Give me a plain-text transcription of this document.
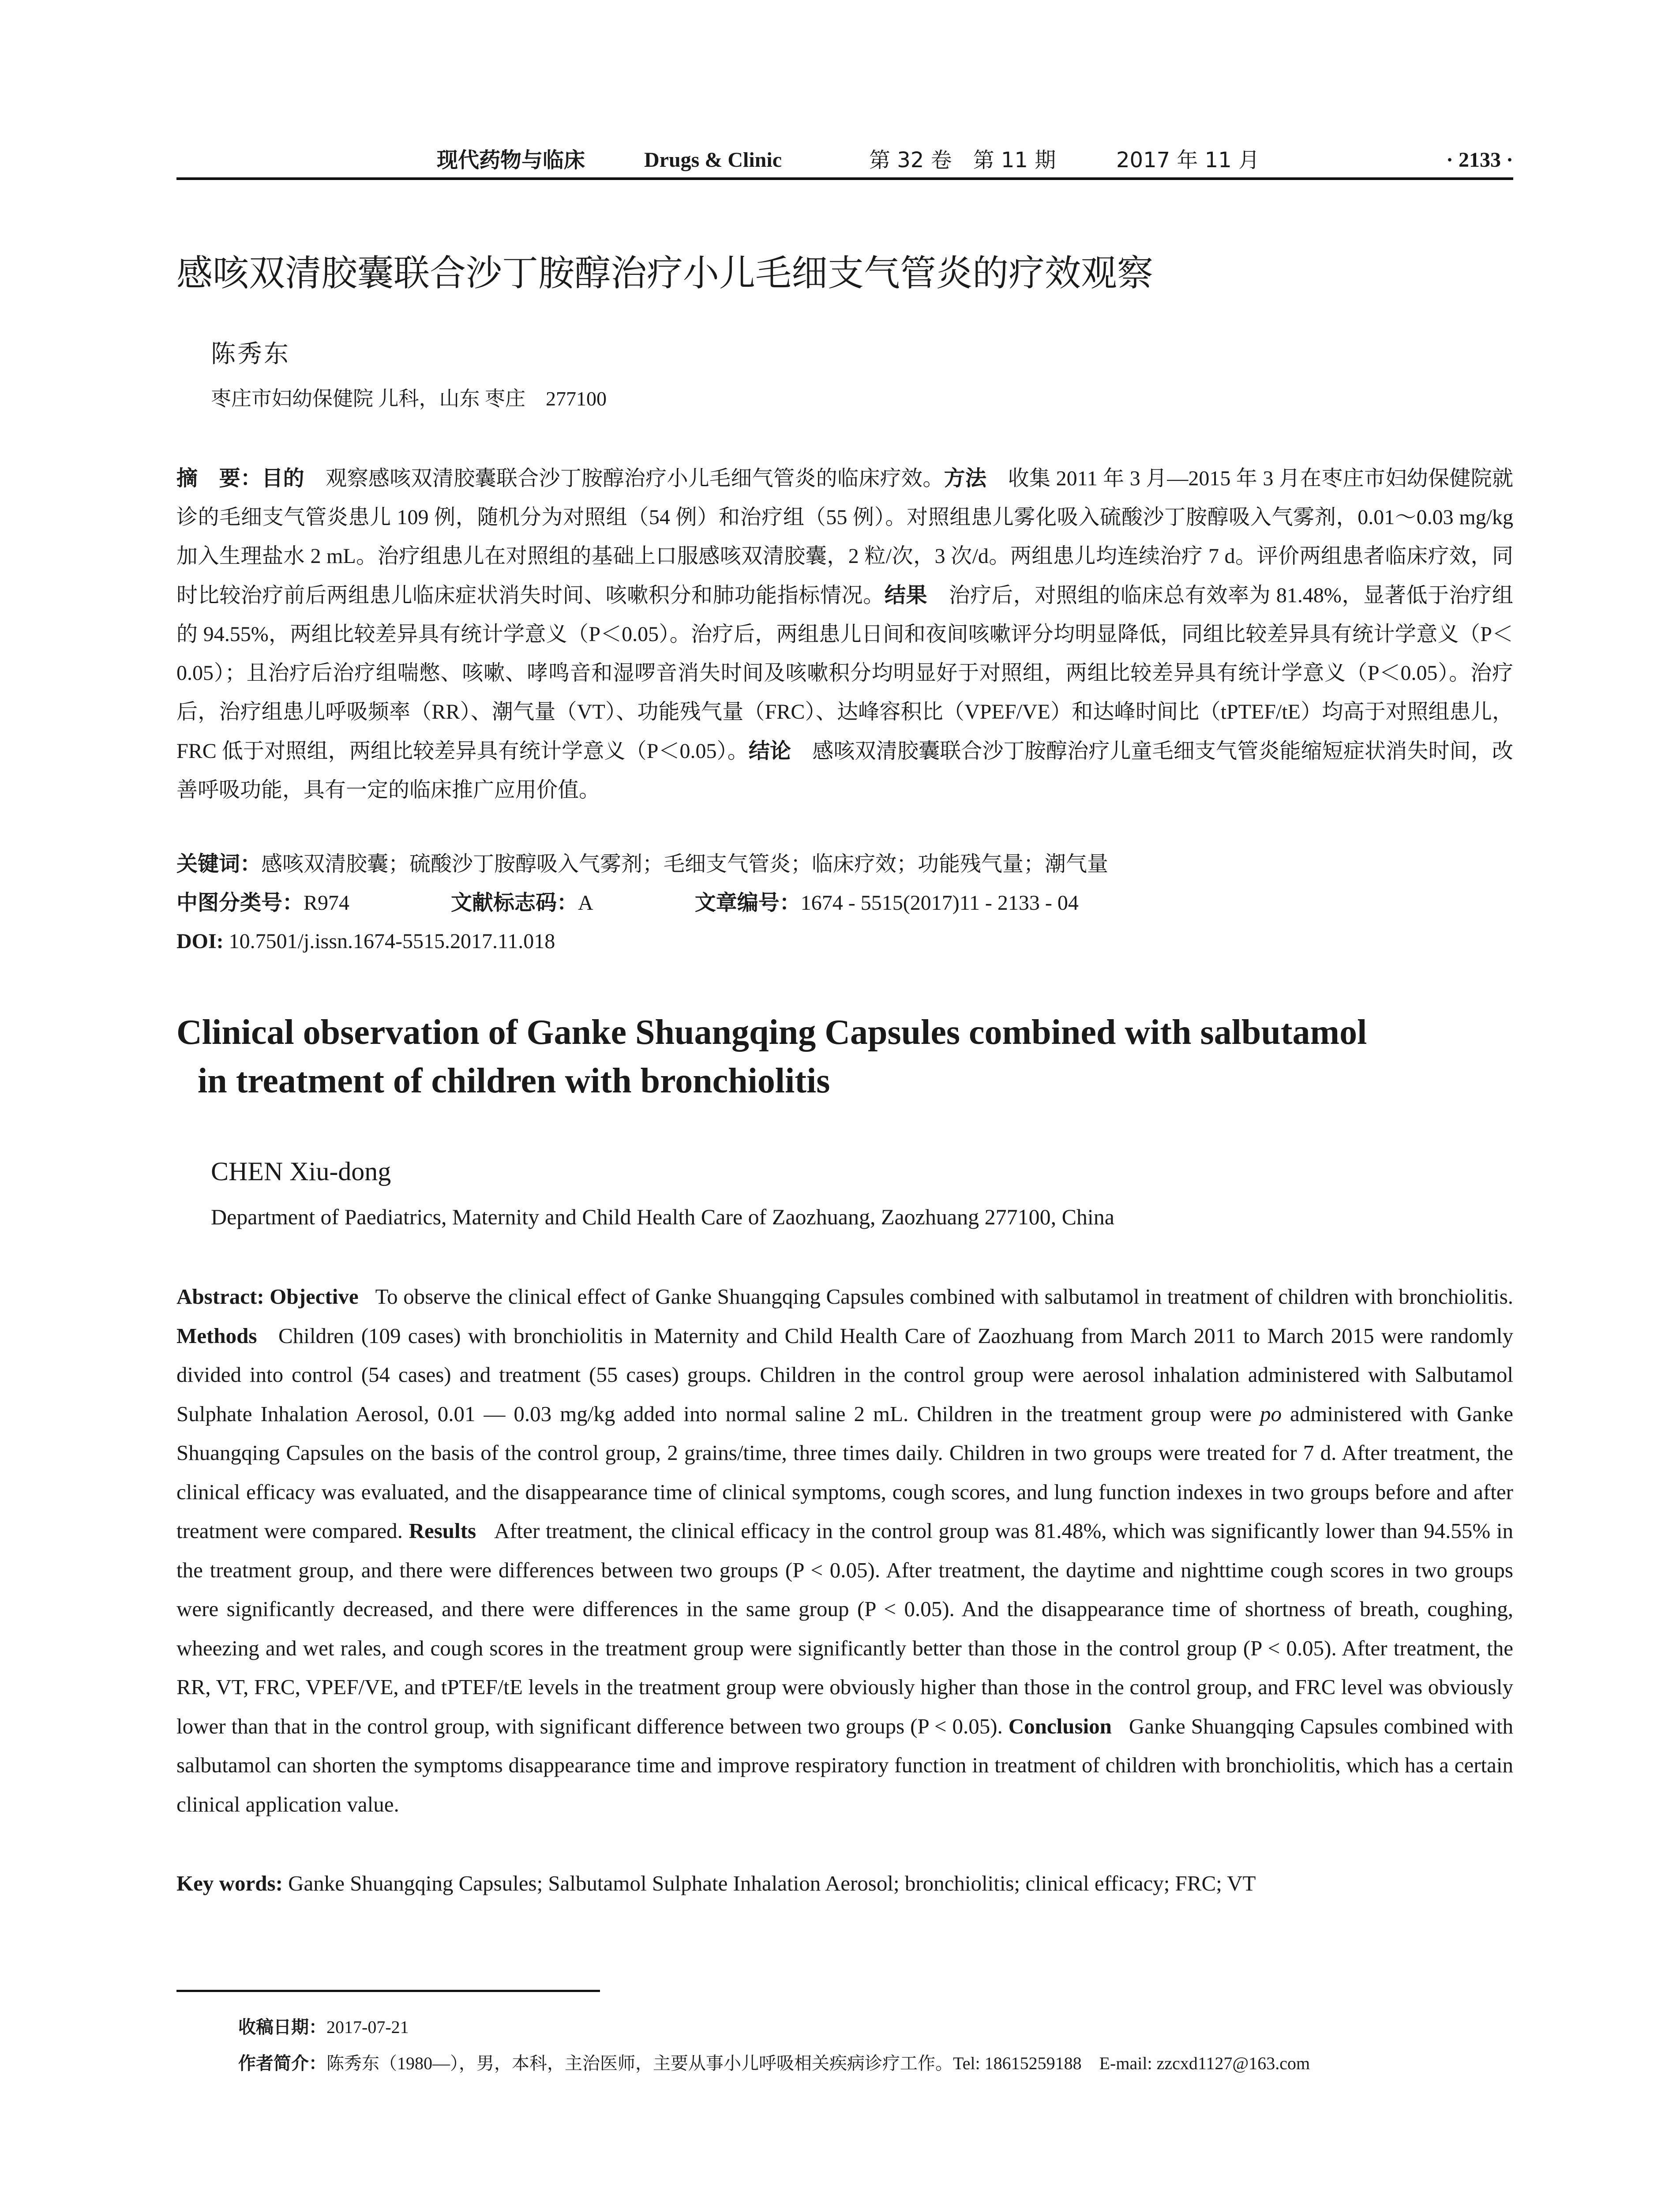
现代药物与临床	Drugs & Clinic	第 32 卷　第 11 期	2017 年 11 月	· 2133 ·
感咳双清胶囊联合沙丁胺醇治疗小儿毛细支气管炎的疗效观察
陈秀东
枣庄市妇幼保健院 儿科，山东 枣庄　277100
摘　要：目的　 观察感咳双清胶囊联合沙丁胺醇治疗小儿毛细气管炎的临床疗效。方法　 收集 2011 年 3 月—2015 年 3 月在枣庄市妇幼保健院就诊的毛细支气管炎患儿 109 例，随机分为对照组（54 例）和治疗组（55 例）。对照组患儿雾化吸入硫酸沙丁胺醇吸入气雾剂，0.01～0.03 mg/kg 加入生理盐水 2 mL。治疗组患儿在对照组的基础上口服感咳双清胶囊，2 粒/次，3 次/d。两组患儿均连续治疗 7 d。评价两组患者临床疗效，同时比较治疗前后两组患儿临床症状消失时间、咳嗽积分和肺功能指标情况。结果　 治疗后，对照组的临床总有效率为 81.48%，显著低于治疗组的 94.55%，两组比较差异具有统计学意义（P＜0.05）。治疗后，两组患儿日间和夜间咳嗽评分均明显降低，同组比较差异具有统计学意义（P＜0.05）；且治疗后治疗组喘憋、咳嗽、哮鸣音和湿啰音消失时间及咳嗽积分均明显好于对照组，两组比较差异具有统计学意义（P＜0.05）。治疗后，治疗组患儿呼吸频率（RR）、潮气量（VT）、功能残气量（FRC）、达峰容积比（VPEF/VE）和达峰时间比（tPTEF/tE）均高于对照组患儿，FRC 低于对照组，两组比较差异具有统计学意义（P＜0.05）。结论　 感咳双清胶囊联合沙丁胺醇治疗儿童毛细支气管炎能缩短症状消失时间，改善呼吸功能，具有一定的临床推广应用价值。
关键词：感咳双清胶囊；硫酸沙丁胺醇吸入气雾剂；毛细支气管炎；临床疗效；功能残气量；潮气量
中图分类号：R974	文献标志码：A	文章编号：1674 - 5515(2017)11 - 2133 - 04
DOI: 10.7501/j.issn.1674-5515.2017.11.018
Clinical observation of Ganke Shuangqing Capsules combined with salbutamol
in treatment of children with bronchiolitis
CHEN Xiu-dong
Department of Paediatrics, Maternity and Child Health Care of Zaozhuang, Zaozhuang 277100, China
Abstract: Objective To observe the clinical effect of Ganke Shuangqing Capsules combined with salbutamol in treatment of children with bronchiolitis. Methods Children (109 cases) with bronchiolitis in Maternity and Child Health Care of Zaozhuang from March 2011 to March 2015 were randomly divided into control (54 cases) and treatment (55 cases) groups. Children in the control group were aerosol inhalation administered with Salbutamol Sulphate Inhalation Aerosol, 0.01 — 0.03 mg/kg added into normal saline 2 mL. Children in the treatment group were po administered with Ganke Shuangqing Capsules on the basis of the control group, 2 grains/time, three times daily. Children in two groups were treated for 7 d. After treatment, the clinical efficacy was evaluated, and the disappearance time of clinical symptoms, cough scores, and lung function indexes in two groups before and after treatment were compared. Results After treatment, the clinical efficacy in the control group was 81.48%, which was significantly lower than 94.55% in the treatment group, and there were differences between two groups (P < 0.05). After treatment, the daytime and nighttime cough scores in two groups were significantly decreased, and there were differences in the same group (P < 0.05). And the disappearance time of shortness of breath, coughing, wheezing and wet rales, and cough scores in the treatment group were significantly better than those in the control group (P < 0.05). After treatment, the RR, VT, FRC, VPEF/VE, and tPTEF/tE levels in the treatment group were obviously higher than those in the control group, and FRC level was obviously lower than that in the control group, with significant difference between two groups (P < 0.05). Conclusion Ganke Shuangqing Capsules combined with salbutamol can shorten the symptoms disappearance time and improve respiratory function in treatment of children with bronchiolitis, which has a certain clinical application value.
Key words: Ganke Shuangqing Capsules; Salbutamol Sulphate Inhalation Aerosol; bronchiolitis; clinical efficacy; FRC; VT
收稿日期：2017-07-21
作者简介：陈秀东（1980—），男，本科，主治医师，主要从事小儿呼吸相关疾病诊疗工作。Tel: 18615259188　E-mail: zzcxd1127@163.com
